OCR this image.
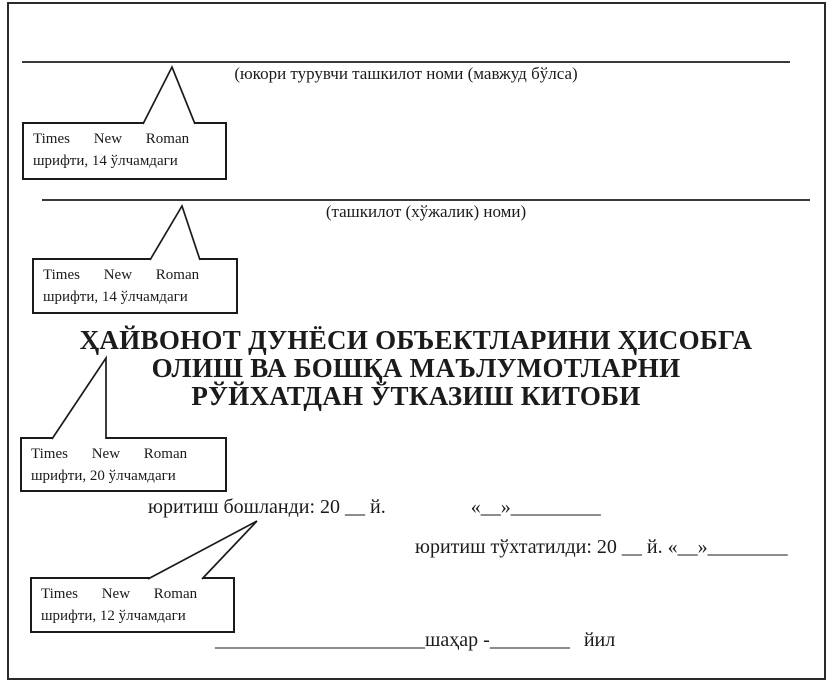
(юкори турувчи ташкилот номи (мавжуд бўлса)
Times New Roman
шрифти, 14 ўлчамдаги
(ташкилот (хўжалик) номи)
Times New Roman
шрифти, 14 ўлчамдаги
ҲАЙВОНОТ ДУНЁСИ ОБЪЕКТЛАРИНИ ҲИСОБГА
ОЛИШ ВА БОШҚА МАЪЛУМОТЛАРНИ
РЎЙХАТДАН ЎТКАЗИШ КИТОБИ
Times New Roman
шрифти, 20 ўлчамдаги
юритиш бошланди: 20 __ й.	«__»_________
юритиш тўхтатилди: 20 __ й. «__»________
Times New Roman
шрифти, 12 ўлчамдаги
_____________________шаҳар -________ йил
